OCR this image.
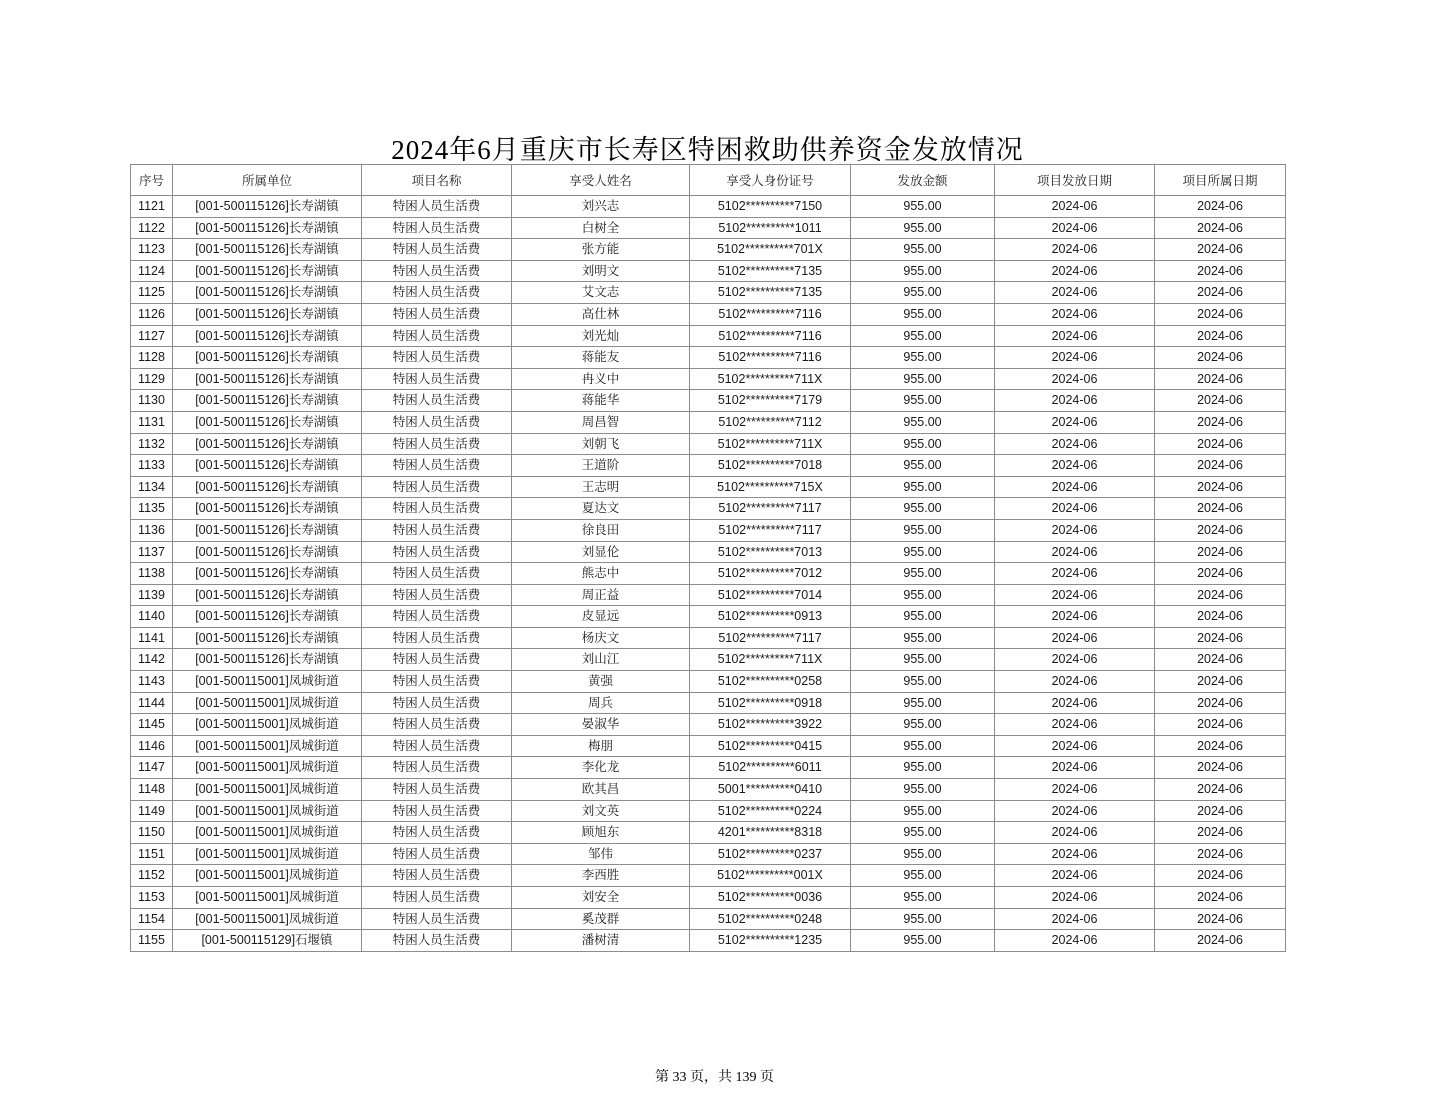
2024年6月重庆市长寿区特困救助供养资金发放情况
序号	所属单位	项目名称	享受人姓名	享受人身份证号	发放金额	项目发放日期	项目所属日期
1121	[001-500115126]长寿湖镇	特困人员生活费	刘兴志	5102**********7150	955.00	2024-06	2024-06
1122	[001-500115126]长寿湖镇	特困人员生活费	白树全	5102**********1011	955.00	2024-06	2024-06
1123	[001-500115126]长寿湖镇	特困人员生活费	张方能	5102**********701X	955.00	2024-06	2024-06
1124	[001-500115126]长寿湖镇	特困人员生活费	刘明文	5102**********7135	955.00	2024-06	2024-06
1125	[001-500115126]长寿湖镇	特困人员生活费	艾文志	5102**********7135	955.00	2024-06	2024-06
1126	[001-500115126]长寿湖镇	特困人员生活费	高仕林	5102**********7116	955.00	2024-06	2024-06
1127	[001-500115126]长寿湖镇	特困人员生活费	刘光灿	5102**********7116	955.00	2024-06	2024-06
1128	[001-500115126]长寿湖镇	特困人员生活费	蒋能友	5102**********7116	955.00	2024-06	2024-06
1129	[001-500115126]长寿湖镇	特困人员生活费	冉义中	5102**********711X	955.00	2024-06	2024-06
1130	[001-500115126]长寿湖镇	特困人员生活费	蒋能华	5102**********7179	955.00	2024-06	2024-06
1131	[001-500115126]长寿湖镇	特困人员生活费	周昌智	5102**********7112	955.00	2024-06	2024-06
1132	[001-500115126]长寿湖镇	特困人员生活费	刘朝飞	5102**********711X	955.00	2024-06	2024-06
1133	[001-500115126]长寿湖镇	特困人员生活费	王道阶	5102**********7018	955.00	2024-06	2024-06
1134	[001-500115126]长寿湖镇	特困人员生活费	王志明	5102**********715X	955.00	2024-06	2024-06
1135	[001-500115126]长寿湖镇	特困人员生活费	夏达文	5102**********7117	955.00	2024-06	2024-06
1136	[001-500115126]长寿湖镇	特困人员生活费	徐良田	5102**********7117	955.00	2024-06	2024-06
1137	[001-500115126]长寿湖镇	特困人员生活费	刘显伦	5102**********7013	955.00	2024-06	2024-06
1138	[001-500115126]长寿湖镇	特困人员生活费	熊志中	5102**********7012	955.00	2024-06	2024-06
1139	[001-500115126]长寿湖镇	特困人员生活费	周正益	5102**********7014	955.00	2024-06	2024-06
1140	[001-500115126]长寿湖镇	特困人员生活费	皮显远	5102**********0913	955.00	2024-06	2024-06
1141	[001-500115126]长寿湖镇	特困人员生活费	杨庆文	5102**********7117	955.00	2024-06	2024-06
1142	[001-500115126]长寿湖镇	特困人员生活费	刘山江	5102**********711X	955.00	2024-06	2024-06
1143	[001-500115001]凤城街道	特困人员生活费	黄强	5102**********0258	955.00	2024-06	2024-06
1144	[001-500115001]凤城街道	特困人员生活费	周兵	5102**********0918	955.00	2024-06	2024-06
1145	[001-500115001]凤城街道	特困人员生活费	晏淑华	5102**********3922	955.00	2024-06	2024-06
1146	[001-500115001]凤城街道	特困人员生活费	梅朋	5102**********0415	955.00	2024-06	2024-06
1147	[001-500115001]凤城街道	特困人员生活费	李化龙	5102**********6011	955.00	2024-06	2024-06
1148	[001-500115001]凤城街道	特困人员生活费	欧其昌	5001**********0410	955.00	2024-06	2024-06
1149	[001-500115001]凤城街道	特困人员生活费	刘文英	5102**********0224	955.00	2024-06	2024-06
1150	[001-500115001]凤城街道	特困人员生活费	顾旭东	4201**********8318	955.00	2024-06	2024-06
1151	[001-500115001]凤城街道	特困人员生活费	邹伟	5102**********0237	955.00	2024-06	2024-06
1152	[001-500115001]凤城街道	特困人员生活费	李西胜	5102**********001X	955.00	2024-06	2024-06
1153	[001-500115001]凤城街道	特困人员生活费	刘安全	5102**********0036	955.00	2024-06	2024-06
1154	[001-500115001]凤城街道	特困人员生活费	奚茂群	5102**********0248	955.00	2024-06	2024-06
1155	[001-500115129]石堰镇	特困人员生活费	潘树清	5102**********1235	955.00	2024-06	2024-06
第 33 页，共 139 页
